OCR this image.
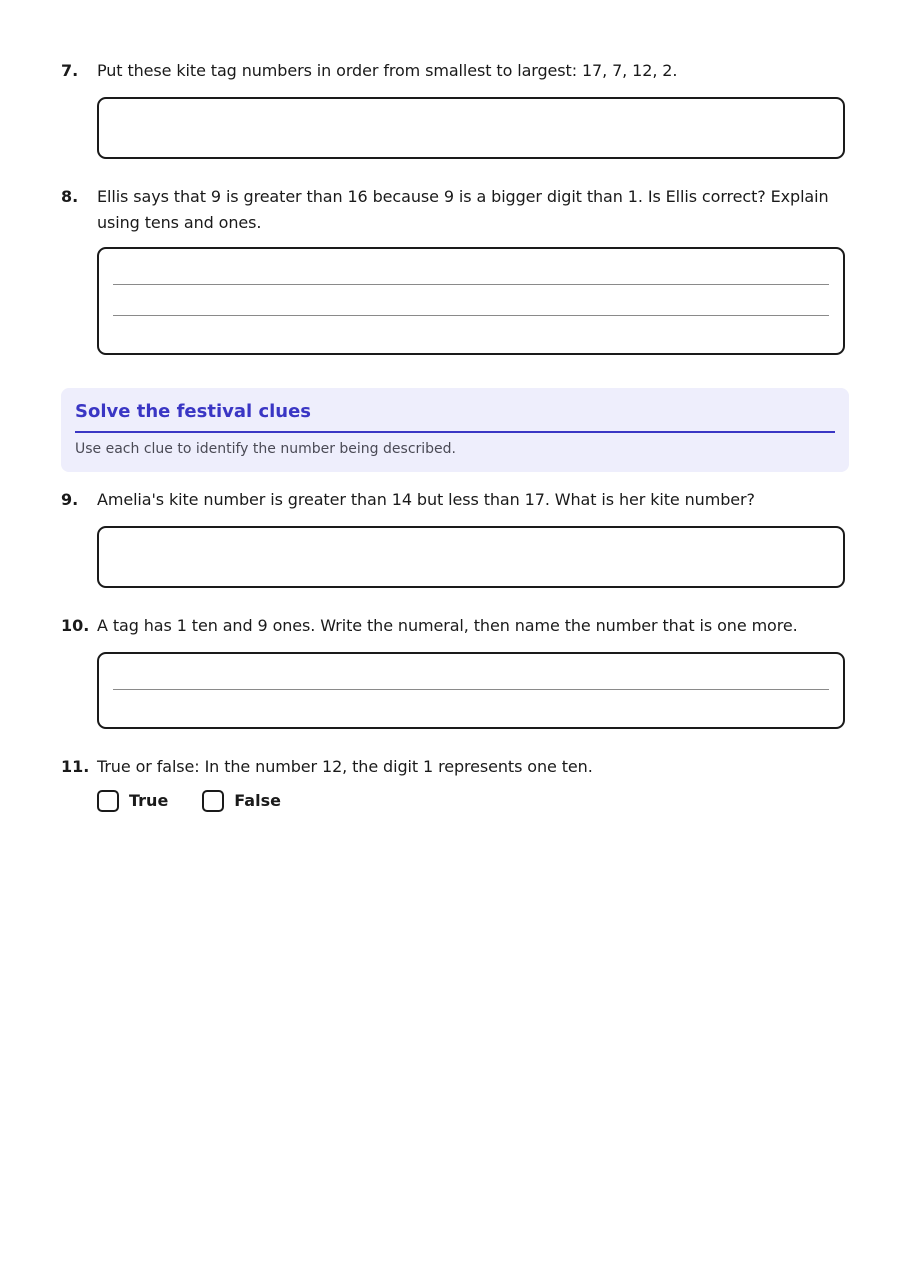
7.	Put these kite tag numbers in order from smallest to largest: 17, 7, 12, 2.
8.	Ellis says that 9 is greater than 16 because 9 is a bigger digit than 1. Is Ellis correct? Explain using tens and ones.
Solve the festival clues
Use each clue to identify the number being described.
9.	Amelia's kite number is greater than 14 but less than 17. What is her kite number?
10. A tag has 1 ten and 9 ones. Write the numeral, then name the number that is one more.
11. True or false: In the number 12, the digit 1 represents one ten.
True	False
